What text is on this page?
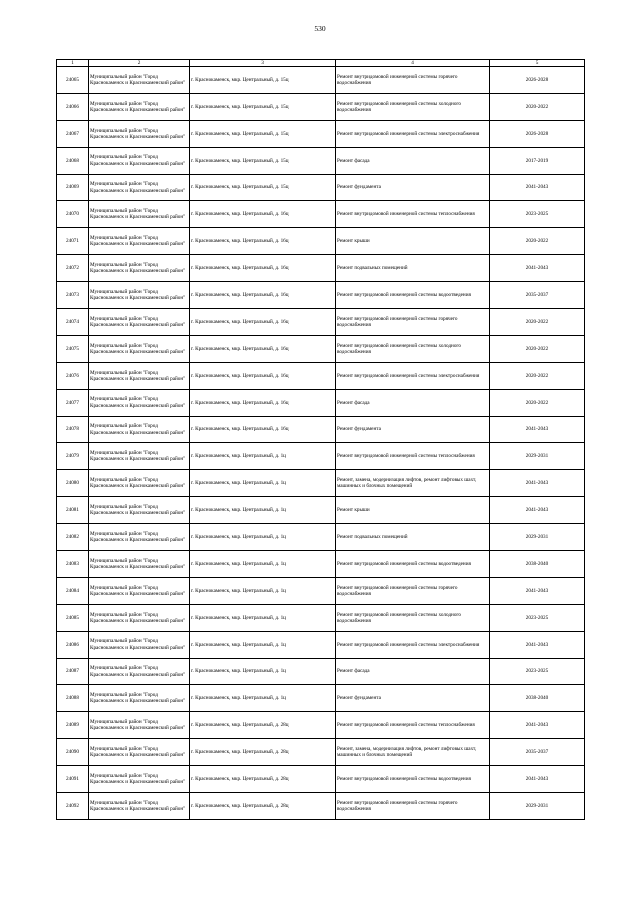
530
1	2	3	4	5
24065	Муниципальный район "Город Краснокаменск и Краснокаменский район"	г. Краснокаменск, мкр. Центральный, д. 15ц	Ремонт внутридомовой инженерной системы горячего водоснабжения	2026-2028
24066	Муниципальный район "Город Краснокаменск и Краснокаменский район"	г. Краснокаменск, мкр. Центральный, д. 15ц	Ремонт внутридомовой инженерной системы холодного водоснабжения	2020-2022
24067	Муниципальный район "Город Краснокаменск и Краснокаменский район"	г. Краснокаменск, мкр. Центральный, д. 15ц	Ремонт внутридомовой инженерной системы электроснабжения	2026-2028
24068	Муниципальный район "Город Краснокаменск и Краснокаменский район"	г. Краснокаменск, мкр. Центральный, д. 15ц	Ремонт фасада	2017-2019
24069	Муниципальный район "Город Краснокаменск и Краснокаменский район"	г. Краснокаменск, мкр. Центральный, д. 15ц	Ремонт фундамента	2041-2043
24070	Муниципальный район "Город Краснокаменск и Краснокаменский район"	г. Краснокаменск, мкр. Центральный, д. 16ц	Ремонт внутридомовой инженерной системы теплоснабжения	2023-2025
24071	Муниципальный район "Город Краснокаменск и Краснокаменский район"	г. Краснокаменск, мкр. Центральный, д. 16ц	Ремонт крыши	2020-2022
24072	Муниципальный район "Город Краснокаменск и Краснокаменский район"	г. Краснокаменск, мкр. Центральный, д. 16ц	Ремонт подвальных помещений	2041-2043
24073	Муниципальный район "Город Краснокаменск и Краснокаменский район"	г. Краснокаменск, мкр. Центральный, д. 16ц	Ремонт внутридомовой инженерной системы водоотведения	2035-2037
24074	Муниципальный район "Город Краснокаменск и Краснокаменский район"	г. Краснокаменск, мкр. Центральный, д. 16ц	Ремонт внутридомовой инженерной системы горячего водоснабжения	2020-2022
24075	Муниципальный район "Город Краснокаменск и Краснокаменский район"	г. Краснокаменск, мкр. Центральный, д. 16ц	Ремонт внутридомовой инженерной системы холодного водоснабжения	2020-2022
24076	Муниципальный район "Город Краснокаменск и Краснокаменский район"	г. Краснокаменск, мкр. Центральный, д. 16ц	Ремонт внутридомовой инженерной системы электроснабжения	2020-2022
24077	Муниципальный район "Город Краснокаменск и Краснокаменский район"	г. Краснокаменск, мкр. Центральный, д. 16ц	Ремонт фасада	2020-2022
24078	Муниципальный район "Город Краснокаменск и Краснокаменский район"	г. Краснокаменск, мкр. Центральный, д. 16ц	Ремонт фундамента	2041-2043
24079	Муниципальный район "Город Краснокаменск и Краснокаменский район"	г. Краснокаменск, мкр. Центральный, д. 1ц	Ремонт внутридомовой инженерной системы теплоснабжения	2029-2031
24080	Муниципальный район "Город Краснокаменск и Краснокаменский район"	г. Краснокаменск, мкр. Центральный, д. 1ц	Ремонт, замена, модернизация лифтов, ремонт лифтовых шахт, машинных и блочных помещений	2041-2043
24081	Муниципальный район "Город Краснокаменск и Краснокаменский район"	г. Краснокаменск, мкр. Центральный, д. 1ц	Ремонт крыши	2041-2043
24082	Муниципальный район "Город Краснокаменск и Краснокаменский район"	г. Краснокаменск, мкр. Центральный, д. 1ц	Ремонт подвальных помещений	2029-2031
24083	Муниципальный район "Город Краснокаменск и Краснокаменский район"	г. Краснокаменск, мкр. Центральный, д. 1ц	Ремонт внутридомовой инженерной системы водоотведения	2038-2040
24084	Муниципальный район "Город Краснокаменск и Краснокаменский район"	г. Краснокаменск, мкр. Центральный, д. 1ц	Ремонт внутридомовой инженерной системы горячего водоснабжения	2041-2043
24085	Муниципальный район "Город Краснокаменск и Краснокаменский район"	г. Краснокаменск, мкр. Центральный, д. 1ц	Ремонт внутридомовой инженерной системы холодного водоснабжения	2023-2025
24086	Муниципальный район "Город Краснокаменск и Краснокаменский район"	г. Краснокаменск, мкр. Центральный, д. 1ц	Ремонт внутридомовой инженерной системы электроснабжения	2041-2043
24087	Муниципальный район "Город Краснокаменск и Краснокаменский район"	г. Краснокаменск, мкр. Центральный, д. 1ц	Ремонт фасада	2023-2025
24088	Муниципальный район "Город Краснокаменск и Краснокаменский район"	г. Краснокаменск, мкр. Центральный, д. 1ц	Ремонт фундамента	2038-2040
24089	Муниципальный район "Город Краснокаменск и Краснокаменский район"	г. Краснокаменск, мкр. Центральный, д. 28ц	Ремонт внутридомовой инженерной системы теплоснабжения	2041-2043
24090	Муниципальный район "Город Краснокаменск и Краснокаменский район"	г. Краснокаменск, мкр. Центральный, д. 28ц	Ремонт, замена, модернизация лифтов, ремонт лифтовых шахт, машинных и блочных помещений	2035-2037
24091	Муниципальный район "Город Краснокаменск и Краснокаменский район"	г. Краснокаменск, мкр. Центральный, д. 28ц	Ремонт внутридомовой инженерной системы водоотведения	2041-2043
24092	Муниципальный район "Город Краснокаменск и Краснокаменский район"	г. Краснокаменск, мкр. Центральный, д. 28ц	Ремонт внутридомовой инженерной системы горячего водоснабжения	2029-2031
